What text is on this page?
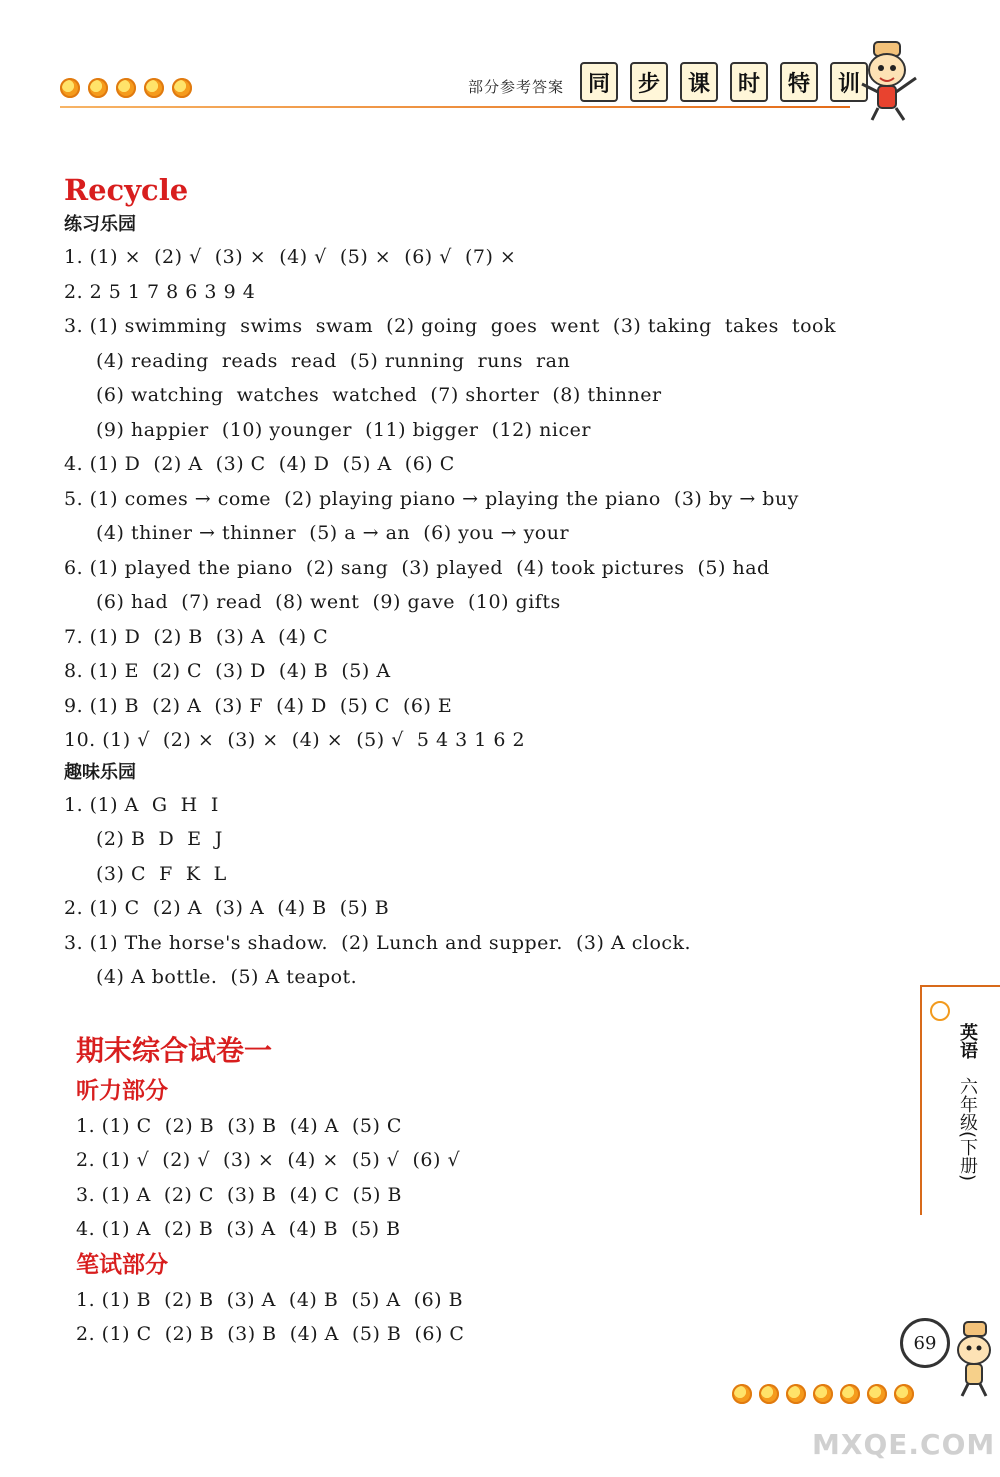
部分参考答案	同	步	课	时	特	训
Recycle
练习乐园
1. (1) ×  (2) √  (3) ×  (4) √  (5) ×  (6) √  (7) ×
2. 2 5 1 7 8 6 3 9 4
3. (1) swimming  swims  swam  (2) going  goes  went  (3) taking  takes  took
(4) reading  reads  read  (5) running  runs  ran
(6) watching  watches  watched  (7) shorter  (8) thinner
(9) happier  (10) younger  (11) bigger  (12) nicer
4. (1) D  (2) A  (3) C  (4) D  (5) A  (6) C
5. (1) comes → come  (2) playing piano → playing the piano  (3) by → buy
(4) thiner → thinner  (5) a → an  (6) you → your
6. (1) played the piano  (2) sang  (3) played  (4) took pictures  (5) had
(6) had  (7) read  (8) went  (9) gave  (10) gifts
7. (1) D  (2) B  (3) A  (4) C
8. (1) E  (2) C  (3) D  (4) B  (5) A
9. (1) B  (2) A  (3) F  (4) D  (5) C  (6) E
10. (1) √  (2) ×  (3) ×  (4) ×  (5) √  5 4 3 1 6 2
趣味乐园
1. (1) A  G  H  I
(2) B  D  E  J
(3) C  F  K  L
2. (1) C  (2) A  (3) A  (4) B  (5) B
3. (1) The horse's shadow.  (2) Lunch and supper.  (3) A clock.
(4) A bottle.  (5) A teapot.
期末综合试卷一
听力部分
1. (1) C  (2) B  (3) B  (4) A  (5) C
2. (1) √  (2) √  (3) ×  (4) ×  (5) √  (6) √
3. (1) A  (2) C  (3) B  (4) C  (5) B
4. (1) A  (2) B  (3) A  (4) B  (5) B
笔试部分
1. (1) B  (2) B  (3) A  (4) B  (5) A  (6) B
2. (1) C  (2) B  (3) B  (4) A  (5) B  (6) C
英语
六年级(下册)
69
MXQE.COM
